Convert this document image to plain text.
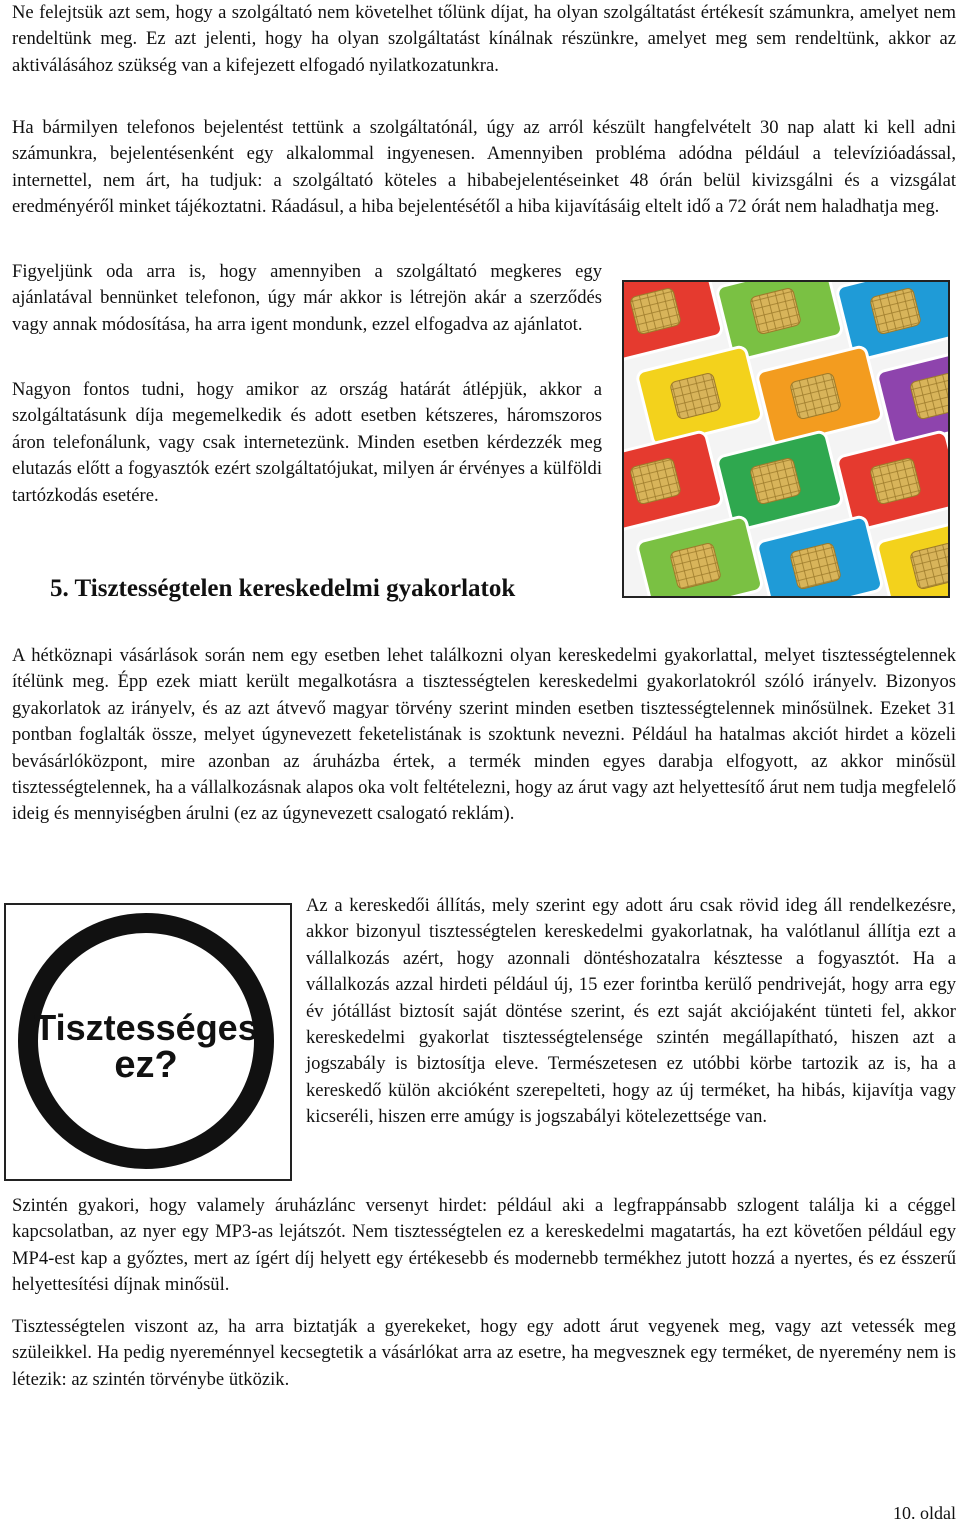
Ne felejtsük azt sem, hogy a szolgáltató nem követelhet tőlünk díjat, ha olyan szolgáltatást értékesít számunkra, amelyet nem rendeltünk meg. Ez azt jelenti, hogy ha olyan szolgáltatást kínálnak részünkre, amelyet meg sem rendeltünk, akkor az aktiválásához szükség van a kifejezett elfogadó nyilatkozatunkra.

Ha bármilyen telefonos bejelentést tettünk a szolgáltatónál, úgy az arról készült hangfelvételt 30 nap alatt ki kell adni számunkra, bejelentésenként egy alkalommal ingyenesen. Amennyiben probléma adódna például a televízióadással, internettel, nem árt, ha tudjuk: a szolgáltató köteles a hibabejelentéseinket 48 órán belül kivizsgálni és a vizsgálat eredményéről minket tájékoztatni. Ráadásul, a hiba bejelentésétől a hiba kijavításáig eltelt idő a 72 órát nem haladhatja meg.

Figyeljünk oda arra is, hogy amennyiben a szolgáltató megkeres egy ajánlatával bennünket telefonon, úgy már akkor is létrejön akár a szerződés vagy annak módosítása, ha arra igent mondunk, ezzel elfogadva az ajánlatot.

Nagyon fontos tudni, hogy amikor az ország határát átlépjük, akkor a szolgáltatásunk díja megemelkedik és adott esetben kétszeres, háromszoros áron telefonálunk, vagy csak internetezünk. Minden esetben kérdezzék meg elutazás előtt a fogyasztók ezért szolgáltatójukat, milyen ár érvényes a külföldi tartózkodás esetére.

5. Tisztességtelen kereskedelmi gyakorlatok

A hétköznapi vásárlások során nem egy esetben lehet találkozni olyan kereskedelmi gyakorlattal, melyet tisztességtelennek ítélünk meg. Épp ezek miatt került megalkotásra a tisztességtelen kereskedelmi gyakorlatokról szóló irányelv. Bizonyos gyakorlatok az irányelv, és az azt átvevő magyar törvény szerint minden esetben tisztességtelennek minősülnek. Ezeket 31 pontban foglalták össze, melyet úgynevezett feketelistának is szoktunk nevezni. Például ha hatalmas akciót hirdet a közeli bevásárlóközpont, mire azonban az áruházba értek, a termék minden egyes darabja elfogyott, az akkor minősül tisztességtelennek, ha a vállalkozásnak alapos oka volt feltételezni, hogy az árut vagy azt helyettesítő árut nem tudja megfelelő ideig és mennyiségben árulni (ez az úgynevezett csalogató reklám).

Tisztességes
ez?

Az a kereskedői állítás, mely szerint egy adott áru csak rövid ideg áll rendelkezésre, akkor bizonyul tisztességtelen kereskedelmi gyakorlatnak, ha valótlanul állítja ezt a vállalkozás azért, hogy azonnali döntéshozatalra késztesse a fogyasztót. Ha a vállalkozás azzal hirdeti például új, 15 ezer forintba kerülő pendriveját, hogy arra egy év jótállást biztosít saját döntése szerint, és ezt saját akciójaként tünteti fel, akkor kereskedelmi gyakorlat tisztességtelensége szintén megállapítható, hiszen azt a jogszabály is biztosítja eleve. Természetesen ez utóbbi körbe tartozik az is, ha a kereskedő külön akcióként szerepelteti, hogy az új terméket, ha hibás, kijavítja vagy kicseréli, hiszen erre amúgy is jogszabályi kötelezettsége van.

Szintén gyakori, hogy valamely áruházlánc versenyt hirdet: például aki a legfrappánsabb szlogent találja ki a céggel kapcsolatban, az nyer egy MP3-as lejátszót. Nem tisztességtelen ez a kereskedelmi magatartás, ha ezt követően például egy MP4-est kap a győztes, mert az ígért díj helyett egy értékesebb és modernebb termékhez jutott hozzá a nyertes, és ez ésszerű helyettesítési díjnak minősül.

Tisztességtelen viszont az, ha arra biztatják a gyerekeket, hogy egy adott árut vegyenek meg, vagy azt vetessék meg szüleikkel. Ha pedig nyereménnyel kecsegtetik a vásárlókat arra az esetre, ha megvesznek egy terméket, de nyeremény nem is létezik: az szintén törvénybe ütközik.

10. oldal
